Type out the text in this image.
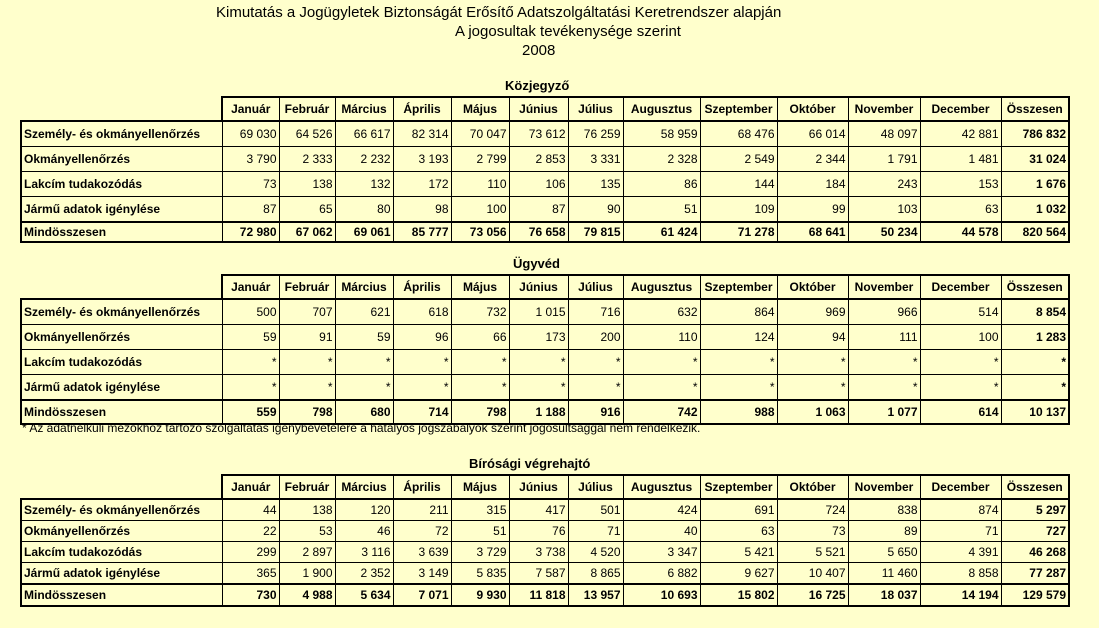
Kimutatás a Jogügyletek Biztonságát Erősítő Adatszolgáltatási Keretrendszer alapján
A jogosultak tevékenysége szerint
2008
Közjegyző
	Január	Február	Március	Április	Május	Június	Július	Augusztus	Szeptember	Október	November	December	Összesen
Személy- és okmányellenőrzés	69 030	64 526	66 617	82 314	70 047	73 612	76 259	58 959	68 476	66 014	48 097	42 881	786 832
Okmányellenőrzés	3 790	2 333	2 232	3 193	2 799	2 853	3 331	2 328	2 549	2 344	1 791	1 481	31 024
Lakcím tudakozódás	73	138	132	172	110	106	135	86	144	184	243	153	1 676
Jármű adatok igénylése	87	65	80	98	100	87	90	51	109	99	103	63	1 032
Mindösszesen	72 980	67 062	69 061	85 777	73 056	76 658	79 815	61 424	71 278	68 641	50 234	44 578	820 564
Ügyvéd
	Január	Február	Március	Április	Május	Június	Július	Augusztus	Szeptember	Október	November	December	Összesen
Személy- és okmányellenőrzés	500	707	621	618	732	1 015	716	632	864	969	966	514	8 854
Okmányellenőrzés	59	91	59	96	66	173	200	110	124	94	111	100	1 283
Lakcím tudakozódás	*	*	*	*	*	*	*	*	*	*	*	*	*
Jármű adatok igénylése	*	*	*	*	*	*	*	*	*	*	*	*	*
Mindösszesen	559	798	680	714	798	1 188	916	742	988	1 063	1 077	614	10 137
* Az adatnélküli mezőkhöz tartozó szolgáltatás igénybevételére a hatályos jogszabályok szerint jogosultsággal nem rendelkezik.
Bírósági végrehajtó
	Január	Február	Március	Április	Május	Június	Július	Augusztus	Szeptember	Október	November	December	Összesen
Személy- és okmányellenőrzés	44	138	120	211	315	417	501	424	691	724	838	874	5 297
Okmányellenőrzés	22	53	46	72	51	76	71	40	63	73	89	71	727
Lakcím tudakozódás	299	2 897	3 116	3 639	3 729	3 738	4 520	3 347	5 421	5 521	5 650	4 391	46 268
Jármű adatok igénylése	365	1 900	2 352	3 149	5 835	7 587	8 865	6 882	9 627	10 407	11 460	8 858	77 287
Mindösszesen	730	4 988	5 634	7 071	9 930	11 818	13 957	10 693	15 802	16 725	18 037	14 194	129 579
